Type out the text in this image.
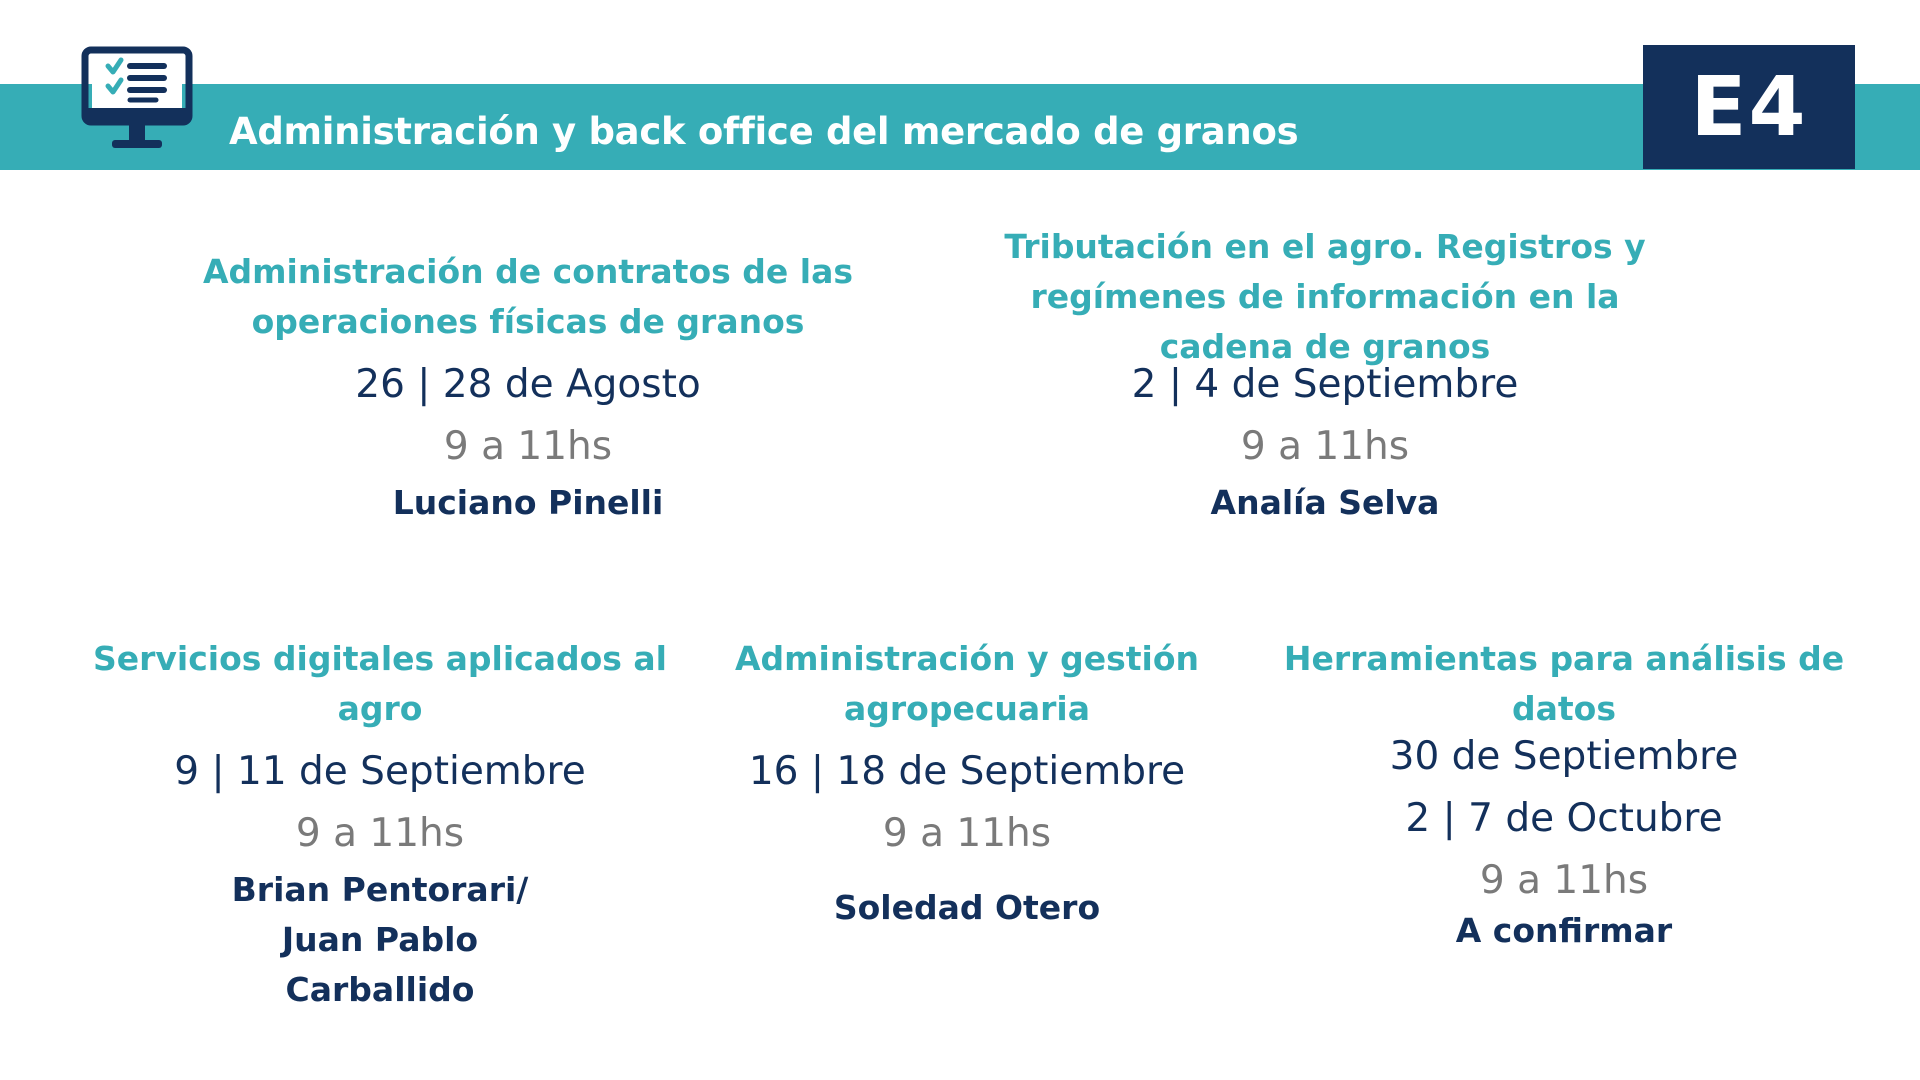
Administración y back office del mercado de granos	E4
Administración de contratos de las
operaciones físicas de granos
26 | 28 de Agosto
9 a 11hs
Luciano Pinelli
Tributación en el agro. Registros y
regímenes de información en la
cadena de granos
2 | 4 de Septiembre
9 a 11hs
Analía Selva
Servicios digitales aplicados al
agro
9 | 11 de Septiembre
9 a 11hs
Brian Pentorari/
Juan Pablo
Carballido
Administración y gestión
agropecuaria
16 | 18 de Septiembre
9 a 11hs
Soledad Otero
Herramientas para análisis de
datos
30 de Septiembre
2 | 7 de Octubre
9 a 11hs
A confirmar
